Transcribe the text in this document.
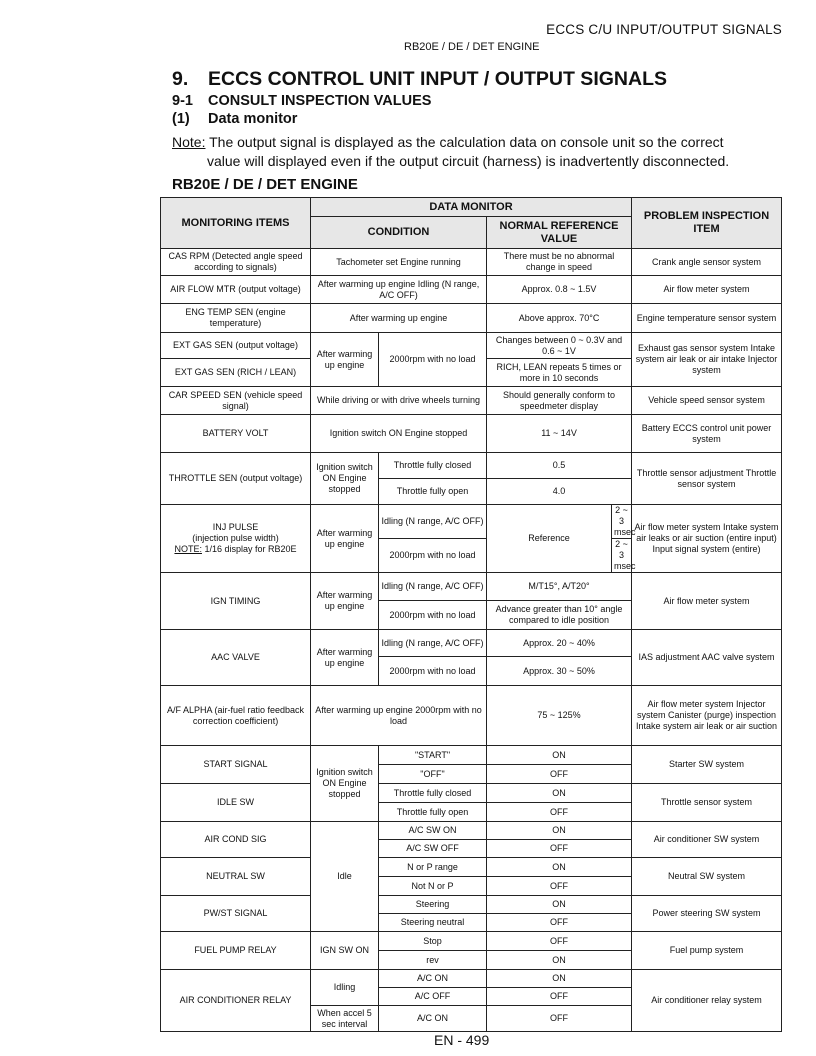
ECCS C/U INPUT/OUTPUT SIGNALS
RB20E / DE / DET ENGINE
9. ECCS CONTROL UNIT INPUT / OUTPUT SIGNALS
9-1 CONSULT INSPECTION VALUES
(1) Data monitor
Note: The output signal is displayed as the calculation data on console unit so the correct
value will displayed even if the output circuit (harness) is inadvertently disconnected.
RB20E / DE / DET ENGINE
MONITORING ITEMS	DATA MONITOR				PROBLEM INSPECTION ITEM
	CONDITION		NORMAL REFERENCE VALUE		
CAS RPM (Detected angle speed according to signals)	Tachometer set Engine running		There must be no abnormal change in speed		Crank angle sensor system
AIR FLOW MTR (output voltage)	After warming up engine Idling (N range, A/C OFF)		Approx. 0.8 ~ 1.5V		Air flow meter system
ENG TEMP SEN (engine temperature)	After warming up engine		Above approx. 70°C		Engine temperature sensor system
EXT GAS SEN (output voltage)	After warming up engine	2000rpm with no load	Changes between 0 ~ 0.3V and 0.6 ~ 1V		Exhaust gas sensor system Intake system air leak or air intake Injector system
EXT GAS SEN (RICH / LEAN)			RICH, LEAN repeats 5 times or more in 10 seconds		
CAR SPEED SEN (vehicle speed signal)	While driving or with drive wheels turning		Should generally conform to speedmeter display		Vehicle speed sensor system
BATTERY VOLT	Ignition switch ON Engine stopped		11 ~ 14V		Battery ECCS control unit power system
THROTTLE SEN (output voltage)	Ignition switch ON Engine stopped	Throttle fully closed	0.5		Throttle sensor adjustment Throttle sensor system
		Throttle fully open	4.0		

INJ PULSE
(injection pulse width)
NOTE: 1/16 display for RB20E	After warming up engine	Idling (N range, A/C OFF)	Reference	2 ~ 3 msec	Air flow meter system Intake system air leaks or air suction (entire input) Input signal system (entire)
		2000rpm with no load		2 ~ 3 msec	
IGN TIMING	After warming up engine	Idling (N range, A/C OFF)	M/T15°, A/T20°		Air flow meter system
		2000rpm with no load	Advance greater than 10° angle compared to idle position		
AAC VALVE	After warming up engine	Idling (N range, A/C OFF)	Approx. 20 ~ 40%		IAS adjustment AAC valve system
		2000rpm with no load	Approx. 30 ~ 50%		
A/F ALPHA (air-fuel ratio feedback correction coefficient)	After warming up engine 2000rpm with no load		75 ~ 125%		Air flow meter system Injector system Canister (purge) inspection Intake system air leak or air suction
START SIGNAL	Ignition switch ON Engine stopped	"START"	ON		Starter SW system
		"OFF"	OFF		
IDLE SW		Throttle fully closed	ON		Throttle sensor system
		Throttle fully open	OFF		
AIR COND SIG	Idle	A/C SW ON	ON		Air conditioner SW system
		A/C SW OFF	OFF		
NEUTRAL SW		N or P range	ON		Neutral SW system
		Not N or P	OFF		
PW/ST SIGNAL		Steering	ON		Power steering SW system
		Steering neutral	OFF		
FUEL PUMP RELAY	IGN SW ON	Stop	OFF		Fuel pump system
		rev	ON		
AIR CONDITIONER RELAY	Idling	A/C ON	ON		Air conditioner relay system
		A/C OFF	OFF		
	When accel 5 sec interval	A/C ON	OFF		
EN - 499
